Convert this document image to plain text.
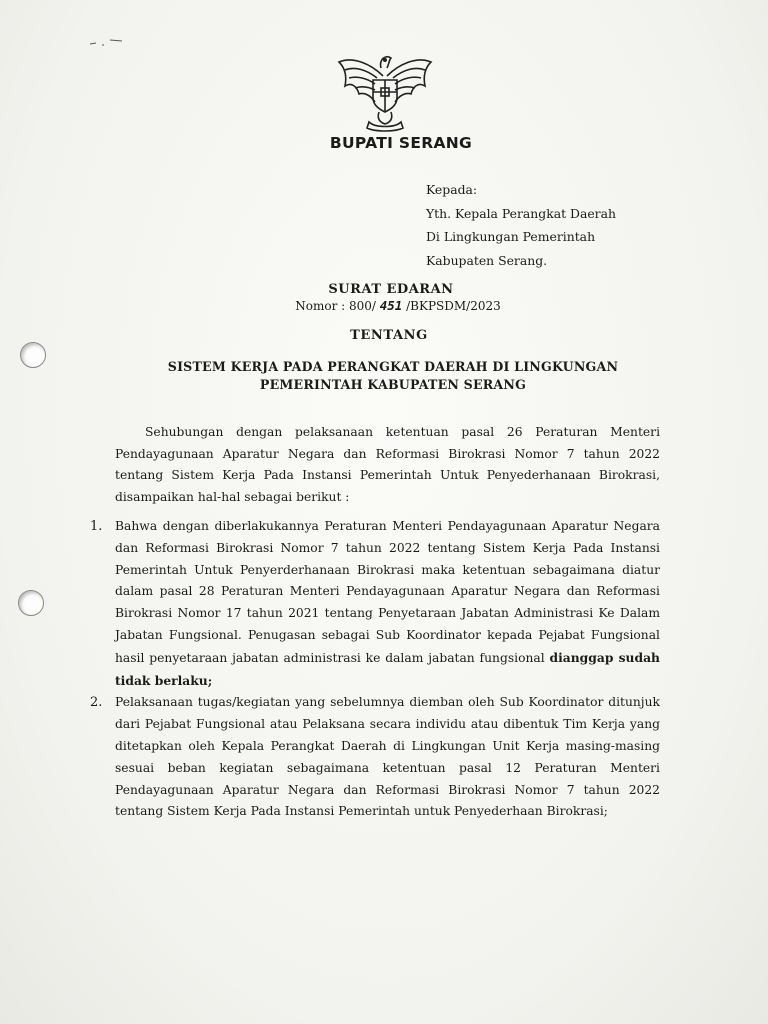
BUPATI SERANG
Kepada:
Yth. Kepala Perangkat Daerah
Di Lingkungan Pemerintah
Kabupaten Serang.
SURAT EDARAN
Nomor : 800/ 451 /BKPSDM/2023
TENTANG
SISTEM KERJA PADA PERANGKAT DAERAH DI LINGKUNGAN
PEMERINTAH KABUPATEN SERANG
Sehubungan dengan pelaksanaan ketentuan pasal 26 Peraturan Menteri Pendayagunaan Aparatur Negara dan Reformasi Birokrasi Nomor 7 tahun 2022 tentang Sistem Kerja Pada Instansi Pemerintah Untuk Penyederhanaan Birokrasi, disampaikan hal-hal sebagai berikut :
1. Bahwa dengan diberlakukannya Peraturan Menteri Pendayagunaan Aparatur Negara dan Reformasi Birokrasi Nomor 7 tahun 2022 tentang Sistem Kerja Pada Instansi Pemerintah Untuk Penyerderhanaan Birokrasi maka ketentuan sebagaimana diatur dalam pasal 28 Peraturan Menteri Pendayagunaan Aparatur Negara dan Reformasi Birokrasi Nomor 17 tahun 2021 tentang Penyetaraan Jabatan Administrasi Ke Dalam Jabatan Fungsional. Penugasan sebagai Sub Koordinator kepada Pejabat Fungsional hasil penyetaraan jabatan administrasi ke dalam jabatan fungsional dianggap sudah tidak berlaku;
2. Pelaksanaan tugas/kegiatan yang sebelumnya diemban oleh Sub Koordinator ditunjuk dari Pejabat Fungsional atau Pelaksana secara individu atau dibentuk Tim Kerja yang ditetapkan oleh Kepala Perangkat Daerah di Lingkungan Unit Kerja masing-masing sesuai beban kegiatan sebagaimana ketentuan pasal 12 Peraturan Menteri Pendayagunaan Aparatur Negara dan Reformasi Birokrasi Nomor 7 tahun 2022 tentang Sistem Kerja Pada Instansi Pemerintah untuk Penyederhaan Birokrasi;
